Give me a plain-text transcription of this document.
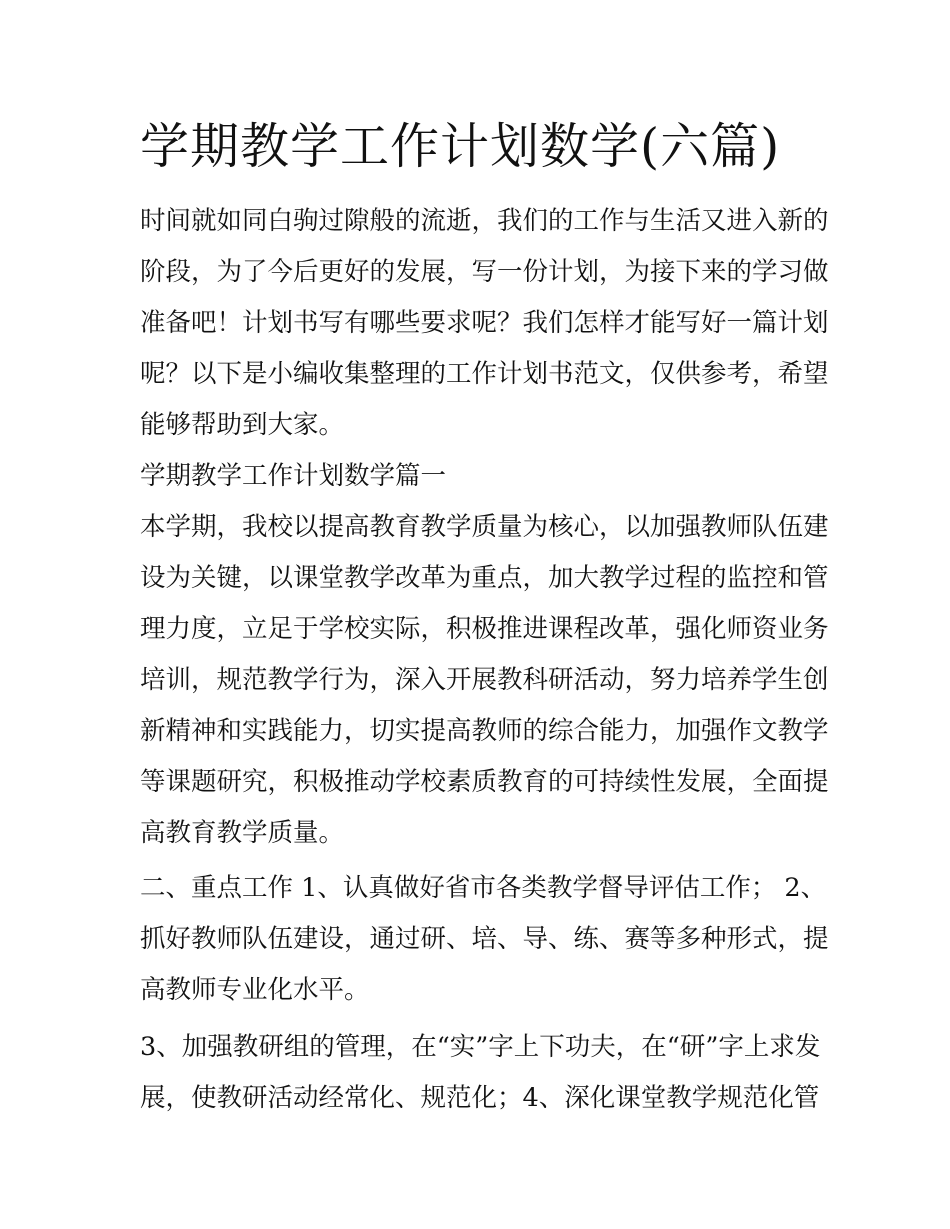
学期教学工作计划数学(六篇)

时间就如同白驹过隙般的流逝，我们的工作与生活又进入新的
阶段，为了今后更好的发展，写一份计划，为接下来的学习做
准备吧！计划书写有哪些要求呢？我们怎样才能写好一篇计划
呢？以下是小编收集整理的工作计划书范文，仅供参考，希望
能够帮助到大家。

学期教学工作计划数学篇一

本学期，我校以提高教育教学质量为核心，以加强教师队伍建
设为关键，以课堂教学改革为重点，加大教学过程的监控和管
理力度，立足于学校实际，积极推进课程改革，强化师资业务
培训，规范教学行为，深入开展教科研活动，努力培养学生创
新精神和实践能力，切实提高教师的综合能力，加强作文教学
等课题研究，积极推动学校素质教育的可持续性发展，全面提
高教育教学质量。

二、重点工作 1、认真做好省市各类教学督导评估工作； 2、
抓好教师队伍建设，通过研、培、导、练、赛等多种形式，提
高教师专业化水平。

3、加强教研组的管理，在“实”字上下功夫，在“研”字上求发
展，使教研活动经常化、规范化；4、深化课堂教学规范化管
